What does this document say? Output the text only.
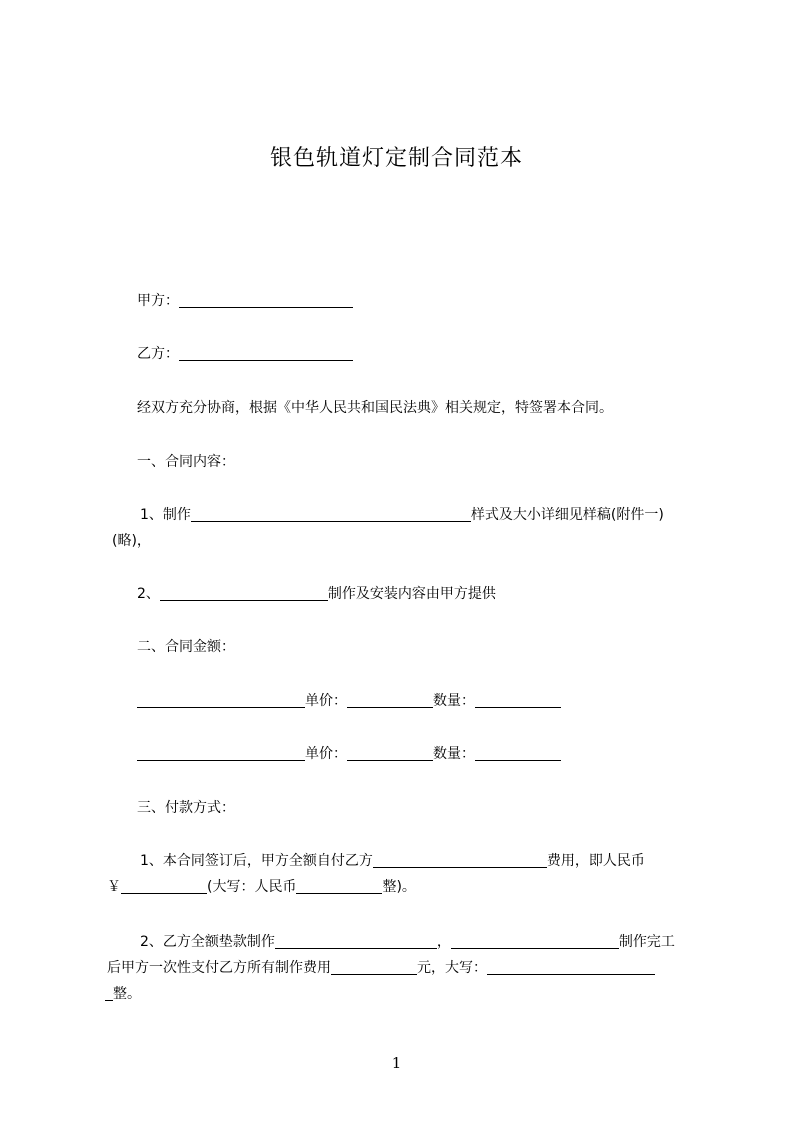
银色轨道灯定制合同范本
甲方：
乙方：
经双方充分协商，根据《中华人民共和国民法典》相关规定，特签署本合同。
一、合同内容：
1、制作	样式及大小详细见样稿(附件一)
(略)，
2、	制作及安装内容由甲方提供
二、合同金额：
单价：	数量：
单价：	数量：
三、付款方式：
1、本合同签订后，甲方全额自付乙方	费用，即人民币
￥	(大写：人民币	整)。
2、乙方全额垫款制作	，	制作完工
后甲方一次性支付乙方所有制作费用	元，大写：
整。
1
